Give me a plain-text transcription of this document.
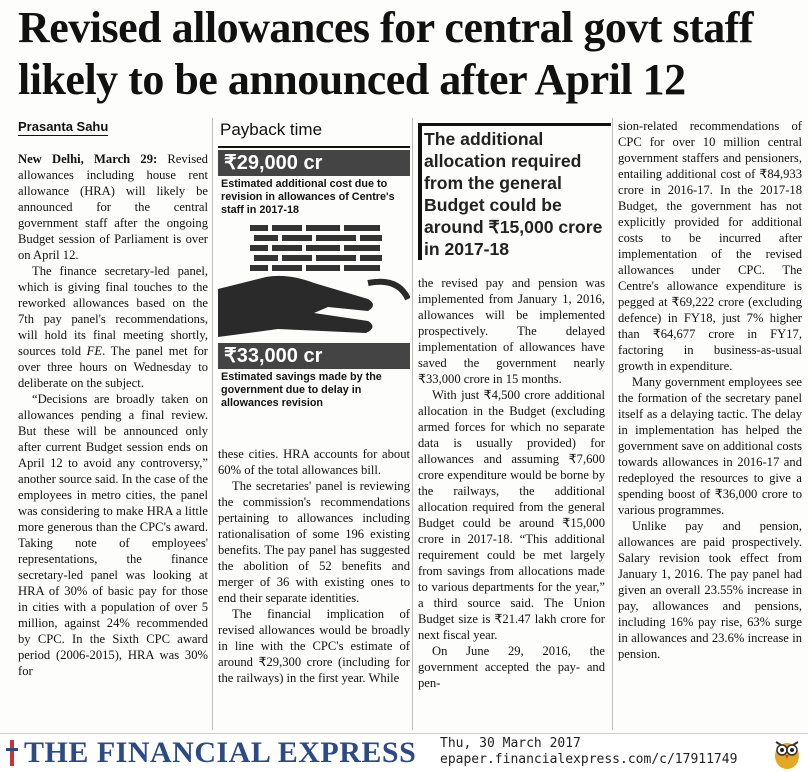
Revised allowances for central govt staff
likely to be announced after April 12
Prasanta Sahu

New Delhi, March 29: Revised allowances including house rent allowance (HRA) will likely be announced for the central government staff after the ongoing Budget session of Parliament is over on April 12.

The finance secretary-led panel, which is giving final touches to the reworked allowances based on the 7th pay panel's recommendations, will hold its final meeting shortly, sources told FE. The panel met for over three hours on Wednesday to deliberate on the subject.

“Decisions are broadly taken on allowances pending a final review. But these will be announced only after current Budget session ends on April 12 to avoid any controversy,” another source said. In the case of the employees in metro cities, the panel was considering to make HRA a little more generous than the CPC's award. Taking note of employees' representations, the finance secretary-led panel was looking at HRA of 30% of basic pay for those in cities with a population of over 5 million, against 24% recommended by CPC. In the Sixth CPC award period (2006-2015), HRA was 30% for

Payback time
₹29,000 cr
Estimated additional cost due to revision in allowances of Centre's staff in 2017-18
₹33,000 cr
Estimated savings made by the government due to delay in allowances revision

these cities. HRA accounts for about 60% of the total allowances bill.

The secretaries' panel is reviewing the commission's recommendations pertaining to allowances including rationalisation of some 196 existing benefits. The pay panel has suggested the abolition of 52 benefits and merger of 36 with existing ones to end their separate identities.

The financial implication of revised allowances would be broadly in line with the CPC's estimate of around ₹29,300 crore (including for the railways) in the first year. While

The additional allocation required from the general Budget could be around ₹15,000 crore in 2017-18

the revised pay and pension was implemented from January 1, 2016, allowances will be implemented prospectively. The delayed implementation of allowances have saved the government nearly ₹33,000 crore in 15 months.

With just ₹4,500 crore additional allocation in the Budget (excluding armed forces for which no separate data is usually provided) for allowances and assuming ₹7,600 crore expenditure would be borne by the railways, the additional allocation required from the general Budget could be around ₹15,000 crore in 2017-18. “This additional requirement could be met largely from savings from allocations made to various departments for the year,” a third source said. The Union Budget size is ₹21.47 lakh crore for next fiscal year.

On June 29, 2016, the government accepted the pay- and pen-

sion-related recommendations of CPC for over 10 million central government staffers and pensioners, entailing additional cost of ₹84,933 crore in 2016-17. In the 2017-18 Budget, the government has not explicitly provided for additional costs to be incurred after implementation of the revised allowances under CPC. The Centre's allowance expenditure is pegged at ₹69,222 crore (excluding defence) in FY18, just 7% higher than ₹64,677 crore in FY17, factoring in business-as-usual growth in expenditure.

Many government employees see the formation of the secretary panel itself as a delaying tactic. The delay in implementation has helped the government save on additional costs towards allowances in 2016-17 and redeployed the resources to give a spending boost of ₹36,000 crore to various programmes.

Unlike pay and pension, allowances are paid prospectively. Salary revision took effect from January 1, 2016. The pay panel had given an overall 23.55% increase in pay, allowances and pensions, including 16% pay rise, 63% surge in allowances and 23.6% increase in pension.

THE FINANCIAL EXPRESS Thu, 30 March 2017
epaper.financialexpress.com/c/17911749
